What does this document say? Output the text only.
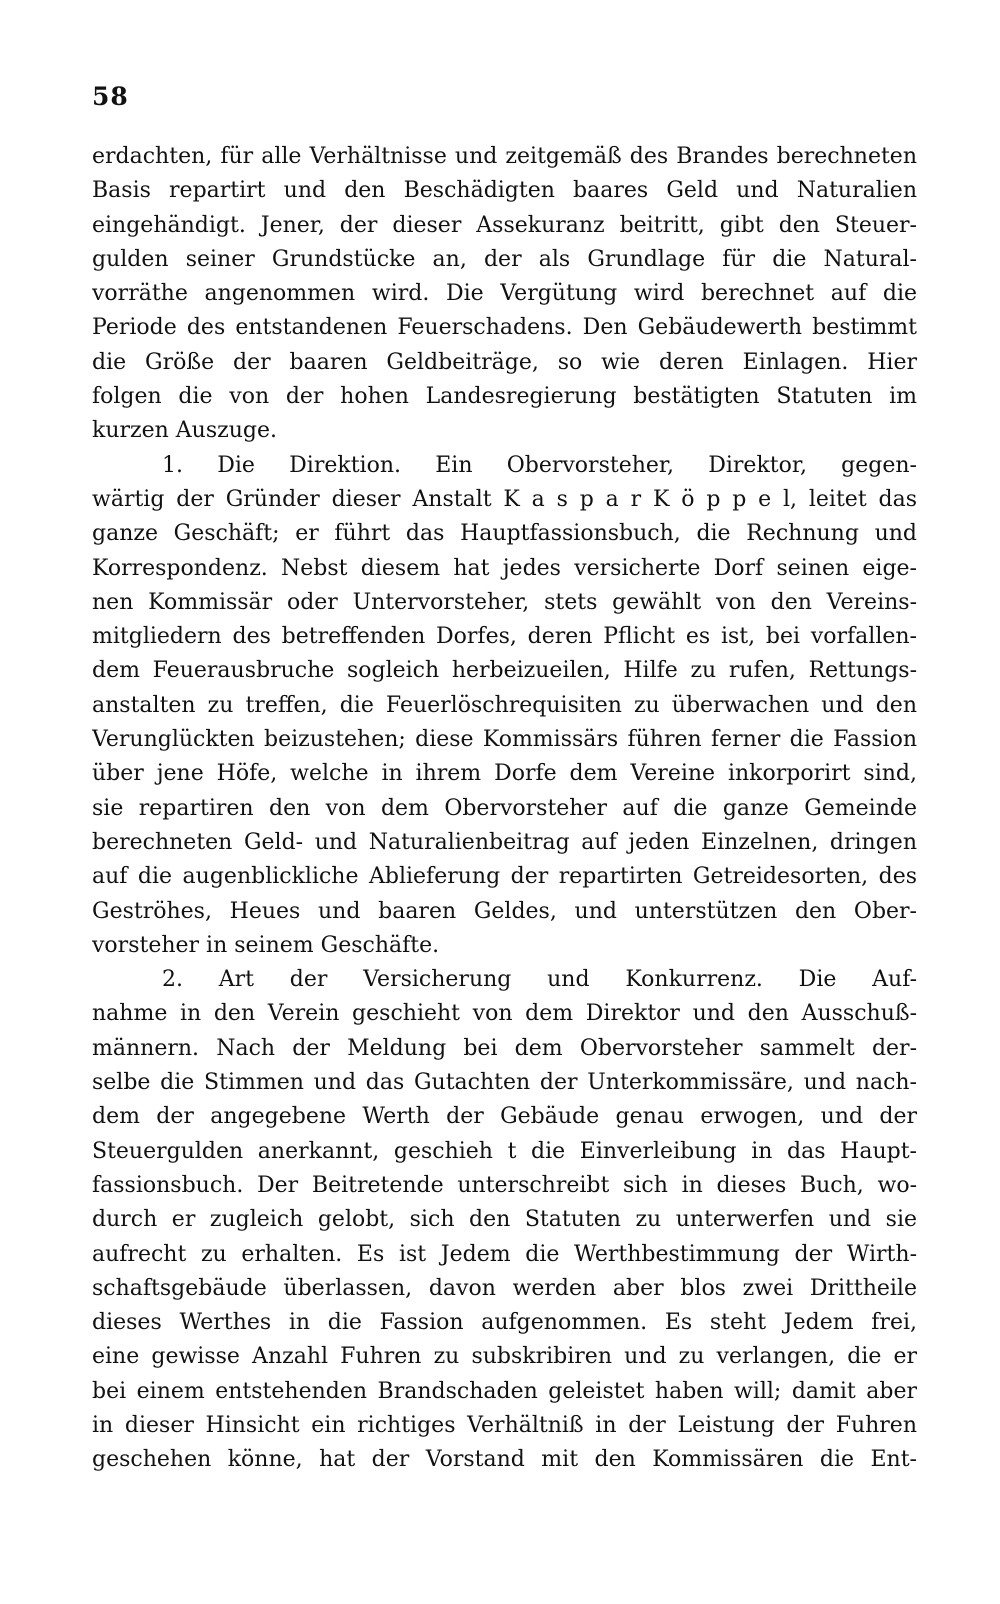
58
erdachten, für alle Verhältnisse und zeitgemäß des Brandes berechneten
Basis repartirt und den Beschädigten baares Geld und Naturalien
eingehändigt. Jener, der dieser Assekuranz beitritt, gibt den Steuer-
gulden seiner Grundstücke an, der als Grundlage für die Natural-
vorräthe angenommen wird. Die Vergütung wird berechnet auf die
Periode des entstandenen Feuerschadens. Den Gebäudewerth bestimmt
die Größe der baaren Geldbeiträge, so wie deren Einlagen. Hier
folgen die von der hohen Landesregierung bestätigten Statuten im
kurzen Auszuge.
1. Die Direktion. Ein Obervorsteher, Direktor, gegen-
wärtig der Gründer dieser Anstalt K a s p a r K ö p p e l, leitet das
ganze Geschäft; er führt das Hauptfassionsbuch, die Rechnung und
Korrespondenz. Nebst diesem hat jedes versicherte Dorf seinen eige-
nen Kommissär oder Untervorsteher, stets gewählt von den Vereins-
mitgliedern des betreffenden Dorfes, deren Pflicht es ist, bei vorfallen-
dem Feuerausbruche sogleich herbeizueilen, Hilfe zu rufen, Rettungs-
anstalten zu treffen, die Feuerlöschrequisiten zu überwachen und den
Verunglückten beizustehen; diese Kommissärs führen ferner die Fassion
über jene Höfe, welche in ihrem Dorfe dem Vereine inkorporirt sind,
sie repartiren den von dem Obervorsteher auf die ganze Gemeinde
berechneten Geld- und Naturalienbeitrag auf jeden Einzelnen, dringen
auf die augenblickliche Ablieferung der repartirten Getreidesorten, des
Geströhes, Heues und baaren Geldes, und unterstützen den Ober-
vorsteher in seinem Geschäfte.
2. Art der Versicherung und Konkurrenz. Die Auf-
nahme in den Verein geschieht von dem Direktor und den Ausschuß-
männern. Nach der Meldung bei dem Obervorsteher sammelt der-
selbe die Stimmen und das Gutachten der Unterkommissäre, und nach-
dem der angegebene Werth der Gebäude genau erwogen, und der
Steuergulden anerkannt, geschieh t die Einverleibung in das Haupt-
fassionsbuch. Der Beitretende unterschreibt sich in dieses Buch, wo-
durch er zugleich gelobt, sich den Statuten zu unterwerfen und sie
aufrecht zu erhalten. Es ist Jedem die Werthbestimmung der Wirth-
schaftsgebäude überlassen, davon werden aber blos zwei Drittheile
dieses Werthes in die Fassion aufgenommen. Es steht Jedem frei,
eine gewisse Anzahl Fuhren zu subskribiren und zu verlangen, die er
bei einem entstehenden Brandschaden geleistet haben will; damit aber
in dieser Hinsicht ein richtiges Verhältniß in der Leistung der Fuhren
geschehen könne, hat der Vorstand mit den Kommissären die Ent-
